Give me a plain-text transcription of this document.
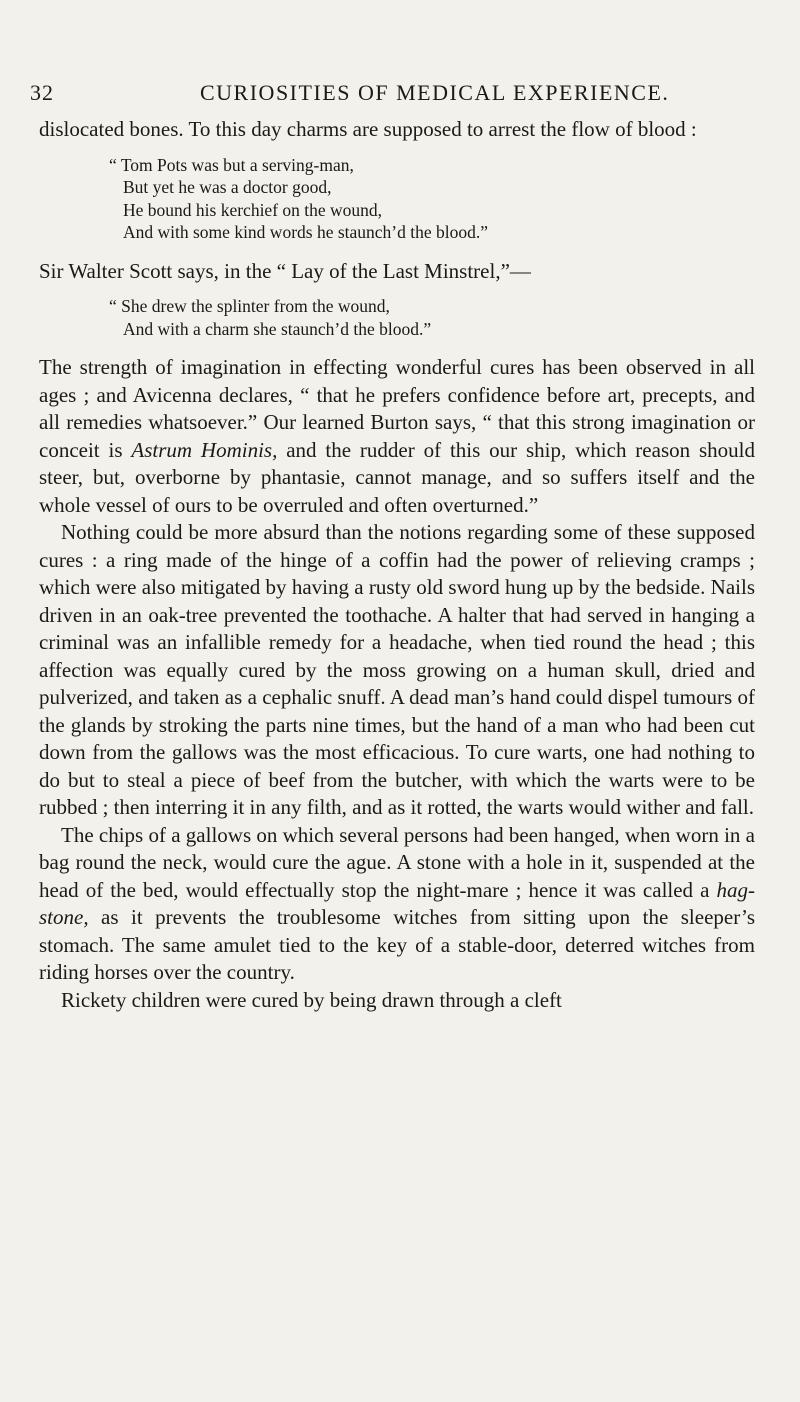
32	CURIOSITIES OF MEDICAL EXPERIENCE.

dislocated bones. To this day charms are supposed to arrest the flow of blood :

“ Tom Pots was but a serving-man,
But yet he was a doctor good,
He bound his kerchief on the wound,
And with some kind words he staunch’d the blood.”

Sir Walter Scott says, in the “ Lay of the Last Minstrel,”—

“ She drew the splinter from the wound,
And with a charm she staunch’d the blood.”

The strength of imagination in effecting wonderful cures has been observed in all ages ; and Avicenna declares, “ that he prefers confidence before art, precepts, and all remedies whatsoever.” Our learned Burton says, “ that this strong imagination or conceit is Astrum Hominis, and the rudder of this our ship, which reason should steer, but, overborne by phantasie, cannot manage, and so suffers itself and the whole vessel of ours to be overruled and often overturned.”

Nothing could be more absurd than the notions regarding some of these supposed cures : a ring made of the hinge of a coffin had the power of relieving cramps ; which were also mitigated by having a rusty old sword hung up by the bedside. Nails driven in an oak-tree prevented the toothache. A halter that had served in hanging a criminal was an infallible remedy for a headache, when tied round the head ; this affection was equally cured by the moss growing on a human skull, dried and pulverized, and taken as a cephalic snuff. A dead man’s hand could dispel tumours of the glands by stroking the parts nine times, but the hand of a man who had been cut down from the gallows was the most efficacious. To cure warts, one had nothing to do but to steal a piece of beef from the butcher, with which the warts were to be rubbed ; then interring it in any filth, and as it rotted, the warts would wither and fall.

The chips of a gallows on which several persons had been hanged, when worn in a bag round the neck, would cure the ague. A stone with a hole in it, suspended at the head of the bed, would effectually stop the night-mare ; hence it was called a hag-stone, as it prevents the troublesome witches from sitting upon the sleeper’s stomach. The same amulet tied to the key of a stable-door, deterred witches from riding horses over the country.

Rickety children were cured by being drawn through a cleft
